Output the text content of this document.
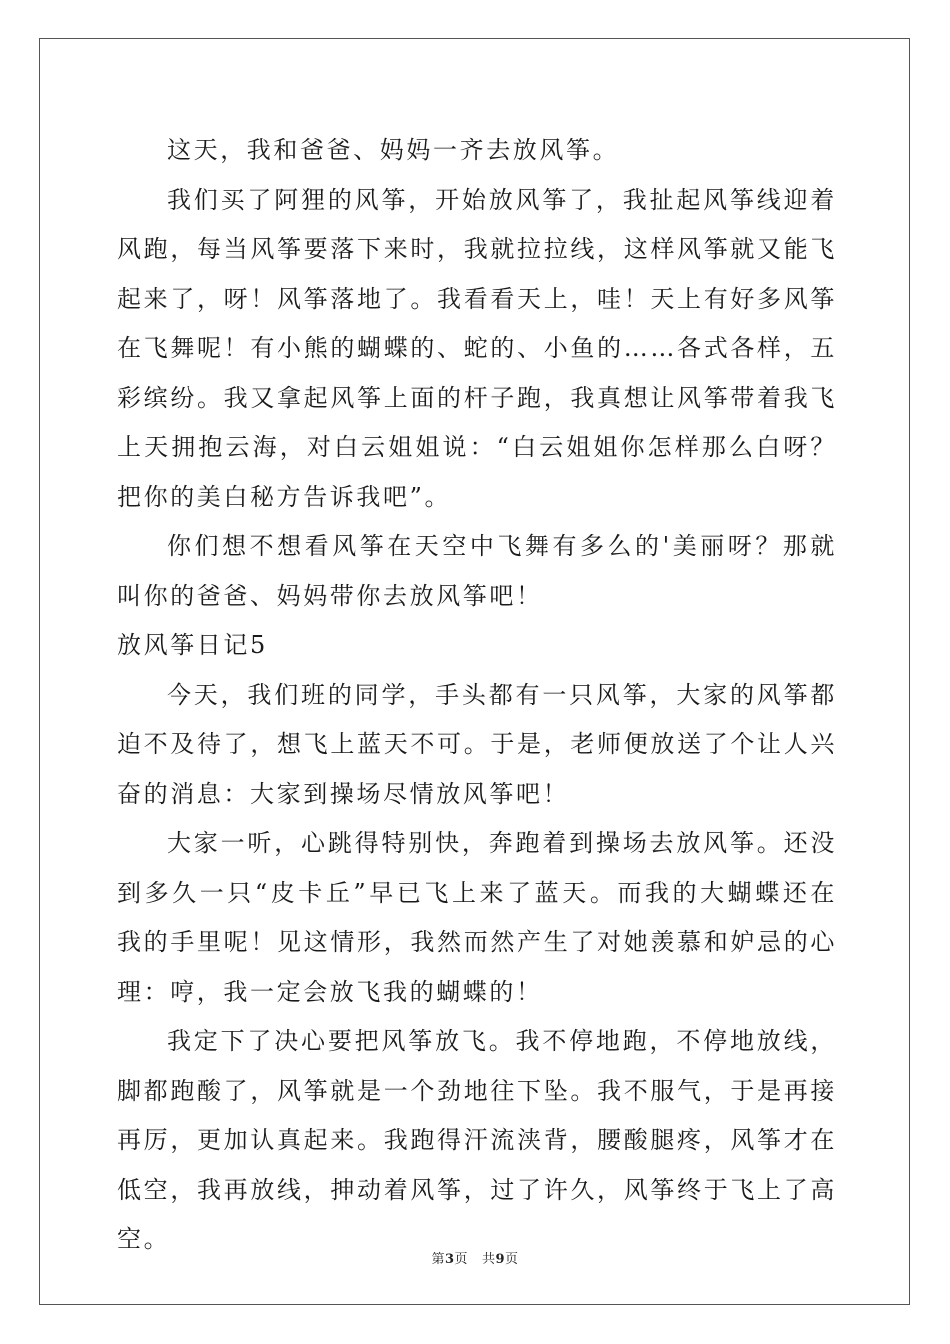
这天，我和爸爸、妈妈一齐去放风筝。

我们买了阿狸的风筝，开始放风筝了，我扯起风筝线迎着风跑，每当风筝要落下来时，我就拉拉线，这样风筝就又能飞起来了，呀！风筝落地了。我看看天上，哇！天上有好多风筝在飞舞呢！有小熊的蝴蝶的、蛇的、小鱼的……各式各样，五彩缤纷。我又拿起风筝上面的杆子跑，我真想让风筝带着我飞上天拥抱云海，对白云姐姐说：“白云姐姐你怎样那么白呀？把你的美白秘方告诉我吧”。

你们想不想看风筝在天空中飞舞有多么的'美丽呀？那就叫你的爸爸、妈妈带你去放风筝吧！

放风筝日记5

今天，我们班的同学，手头都有一只风筝，大家的风筝都迫不及待了，想飞上蓝天不可。于是，老师便放送了个让人兴奋的消息：大家到操场尽情放风筝吧！

大家一听，心跳得特别快，奔跑着到操场去放风筝。还没到多久一只“皮卡丘”早已飞上来了蓝天。而我的大蝴蝶还在我的手里呢！见这情形，我然而然产生了对她羡慕和妒忌的心理：哼，我一定会放飞我的蝴蝶的！

我定下了决心要把风筝放飞。我不停地跑，不停地放线，脚都跑酸了，风筝就是一个劲地往下坠。我不服气，于是再接再厉，更加认真起来。我跑得汗流浃背，腰酸腿疼，风筝才在低空，我再放线，抻动着风筝，过了许久，风筝终于飞上了高空。

第3页 共9页
